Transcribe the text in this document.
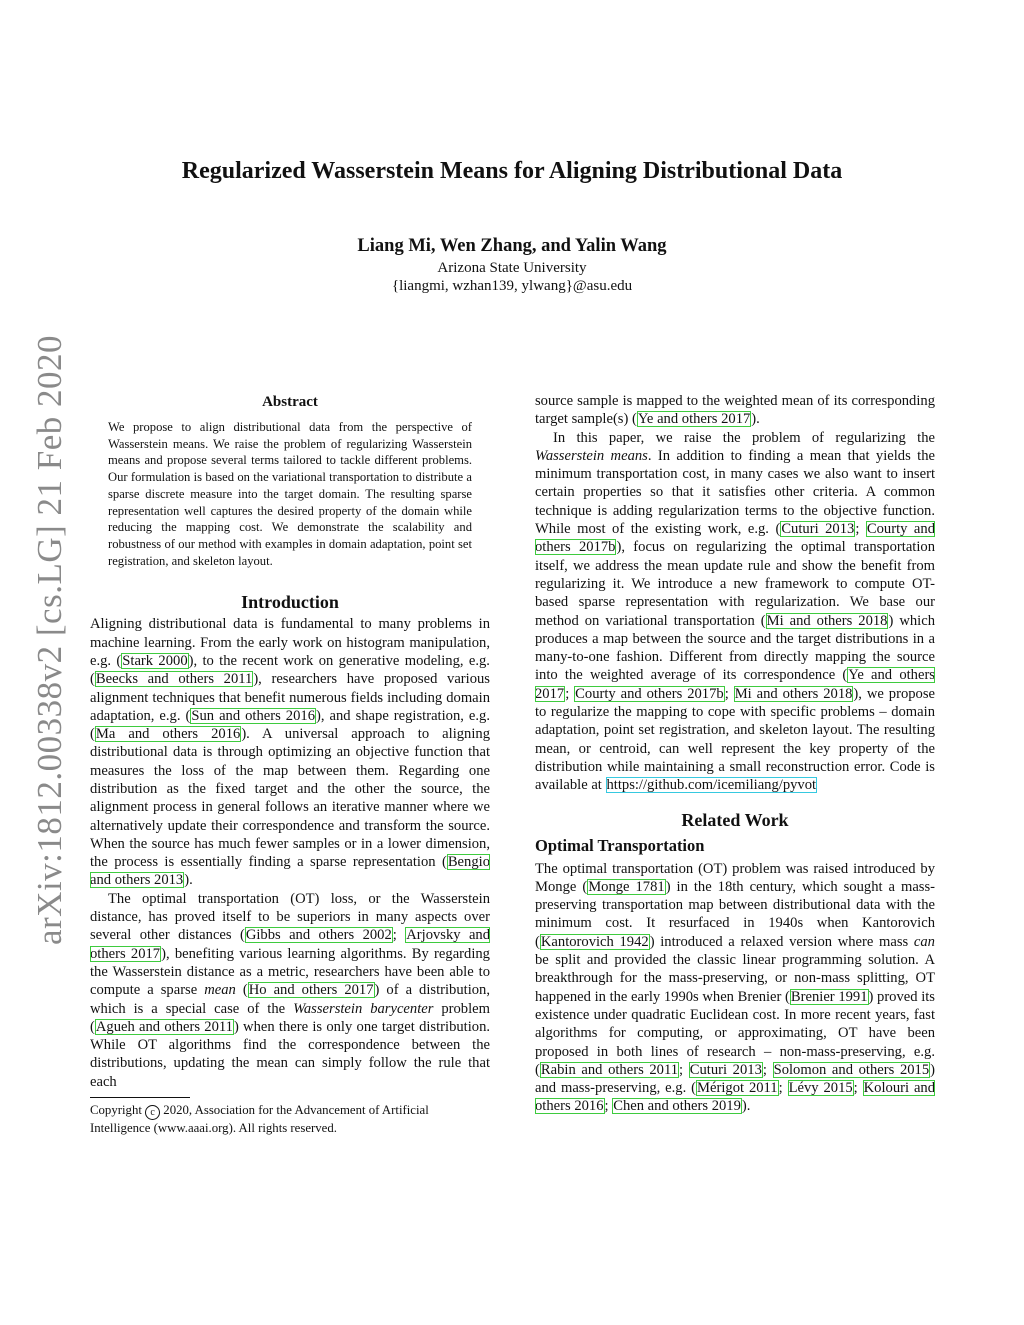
arXiv:1812.00338v2 [cs.LG] 21 Feb 2020
Regularized Wasserstein Means for Aligning Distributional Data
Liang Mi, Wen Zhang, and Yalin Wang
Arizona State University
{liangmi, wzhan139, ylwang}@asu.edu
Abstract

We propose to align distributional data from the perspective of Wasserstein means. We raise the problem of regularizing Wasserstein means and propose several terms tailored to tackle different problems. Our formulation is based on the variational transportation to distribute a sparse discrete measure into the target domain. The resulting sparse representation well captures the desired property of the domain while reducing the mapping cost. We demonstrate the scalability and robustness of our method with examples in domain adaptation, point set registration, and skeleton layout.

Introduction

Aligning distributional data is fundamental to many problems in machine learning. From the early work on histogram manipulation, e.g. (Stark 2000), to the recent work on generative modeling, e.g. (Beecks and others 2011), researchers have proposed various alignment techniques that benefit numerous fields including domain adaptation, e.g. (Sun and others 2016), and shape registration, e.g. (Ma and others 2016). A universal approach to aligning distributional data is through optimizing an objective function that measures the loss of the map between them. Regarding one distribution as the fixed target and the other the source, the alignment process in general follows an iterative manner where we alternatively update their correspondence and transform the source. When the source has much fewer samples or in a lower dimension, the process is essentially finding a sparse representation (Bengio and others 2013).

The optimal transportation (OT) loss, or the Wasserstein distance, has proved itself to be superiors in many aspects over several other distances (Gibbs and others 2002; Arjovsky and others 2017), benefiting various learning algorithms. By regarding the Wasserstein distance as a metric, researchers have been able to compute a sparse mean (Ho and others 2017) of a distribution, which is a special case of the Wasserstein barycenter problem (Agueh and others 2011) when there is only one target distribution. While OT algorithms find the correspondence between the distributions, updating the mean can simply follow the rule that each

Copyright c 2020, Association for the Advancement of Artificial Intelligence (www.aaai.org). All rights reserved.

source sample is mapped to the weighted mean of its corresponding target sample(s) (Ye and others 2017).

In this paper, we raise the problem of regularizing the Wasserstein means. In addition to finding a mean that yields the minimum transportation cost, in many cases we also want to insert certain properties so that it satisfies other criteria. A common technique is adding regularization terms to the objective function. While most of the existing work, e.g. (Cuturi 2013; Courty and others 2017b), focus on regularizing the optimal transportation itself, we address the mean update rule and show the benefit from regularizing it. We introduce a new framework to compute OT-based sparse representation with regularization. We base our method on variational transportation (Mi and others 2018) which produces a map between the source and the target distributions in a many-to-one fashion. Different from directly mapping the source into the weighted average of its correspondence (Ye and others 2017; Courty and others 2017b; Mi and others 2018), we propose to regularize the mapping to cope with specific problems – domain adaptation, point set registration, and skeleton layout. The resulting mean, or centroid, can well represent the key property of the distribution while maintaining a small reconstruction error. Code is available at https://github.com/icemiliang/pyvot

Related Work
Optimal Transportation

The optimal transportation (OT) problem was raised introduced by Monge (Monge 1781) in the 18th century, which sought a mass-preserving transportation map between distributional data with the minimum cost. It resurfaced in 1940s when Kantorovich (Kantorovich 1942) introduced a relaxed version where mass can be split and provided the classic linear programming solution. A breakthrough for the mass-preserving, or non-mass splitting, OT happened in the early 1990s when Brenier (Brenier 1991) proved its existence under quadratic Euclidean cost. In more recent years, fast algorithms for computing, or approximating, OT have been proposed in both lines of research – non-mass-preserving, e.g. (Rabin and others 2011; Cuturi 2013; Solomon and others 2015) and mass-preserving, e.g. (Mérigot 2011; Lévy 2015; Kolouri and others 2016; Chen and others 2019).
